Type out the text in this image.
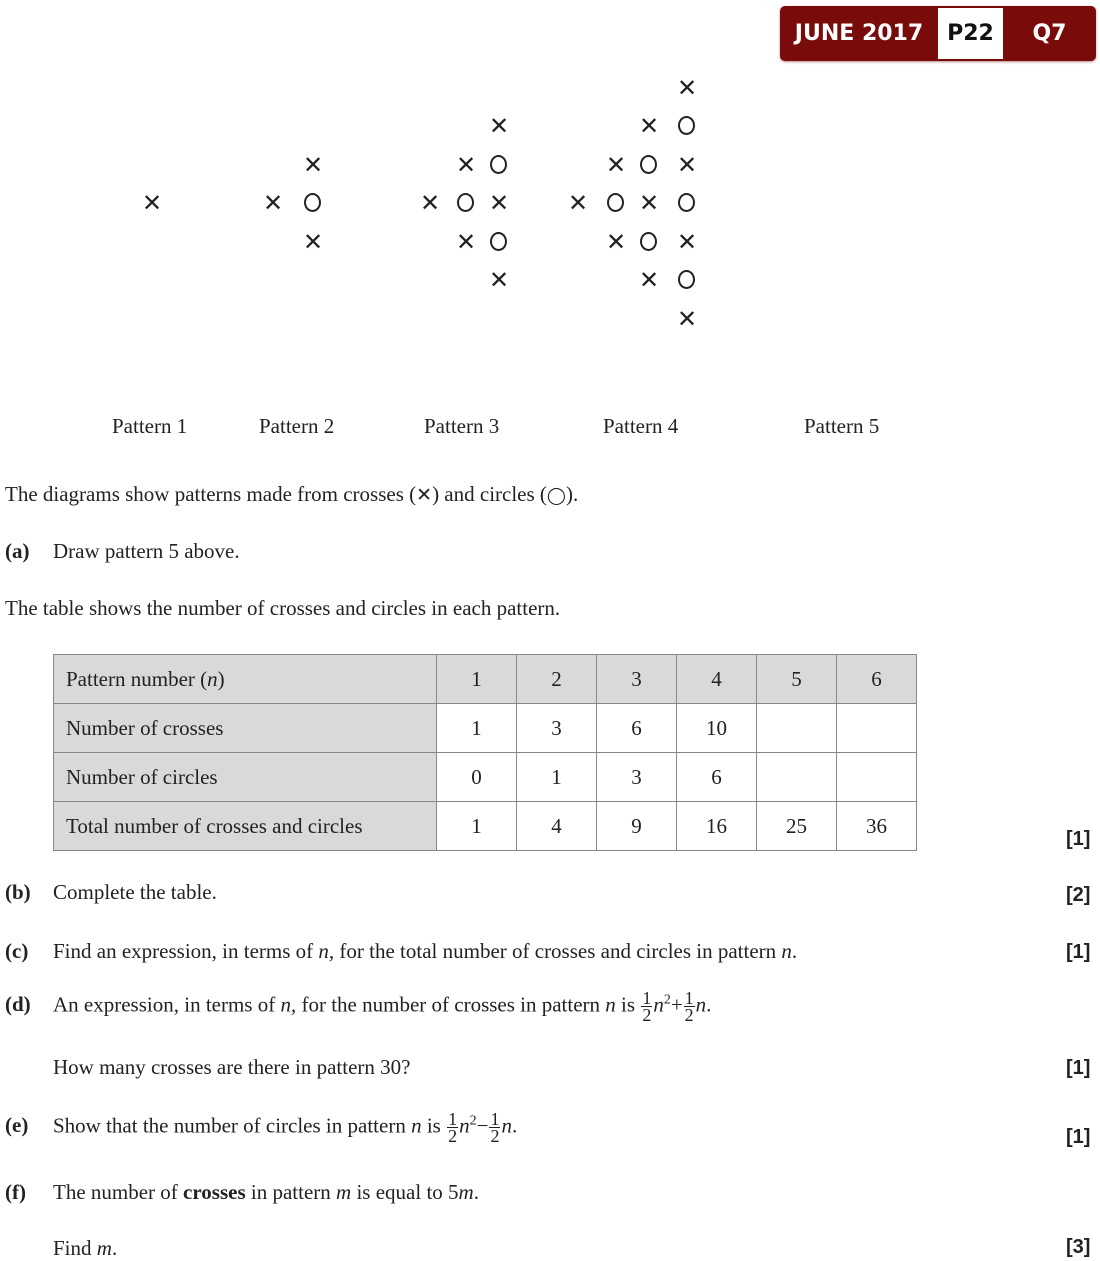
JUNE 2017	P22	Q7
✕
✕
✕
✕
✕
✕
✕
✕
✕
✕
✕
✕
✕
✕
✕
✕
✕
✕
✕
✕
Pattern 1	Pattern 2	Pattern 3	Pattern 4	Pattern 5
The diagrams show patterns made from crosses (✕) and circles (◯).
(a) Draw pattern 5 above.
The table shows the number of crosses and circles in each pattern.
Pattern number (n)	1	2	3	4	5	6
Number of crosses	1	3	6	10		
Number of circles	0	1	3	6		
Total number of crosses and circles	1	4	9	16	25	36
[1]
(b) Complete the table.	[2]
(c) Find an expression, in terms of n, for the total number of crosses and circles in pattern n.	[1]
(d) An expression, in terms of n, for the number of crosses in pattern n is $\frac{1}{2} n^2+ \frac{1}{2} n$.
How many crosses are there in pattern 30?	[1]
(e) Show that the number of circles in pattern n is $\frac{1}{2} n^2- \frac{1}{2} n$.	[1]
(f) The number of crosses in pattern m is equal to 5m.
Find m.	[3]
